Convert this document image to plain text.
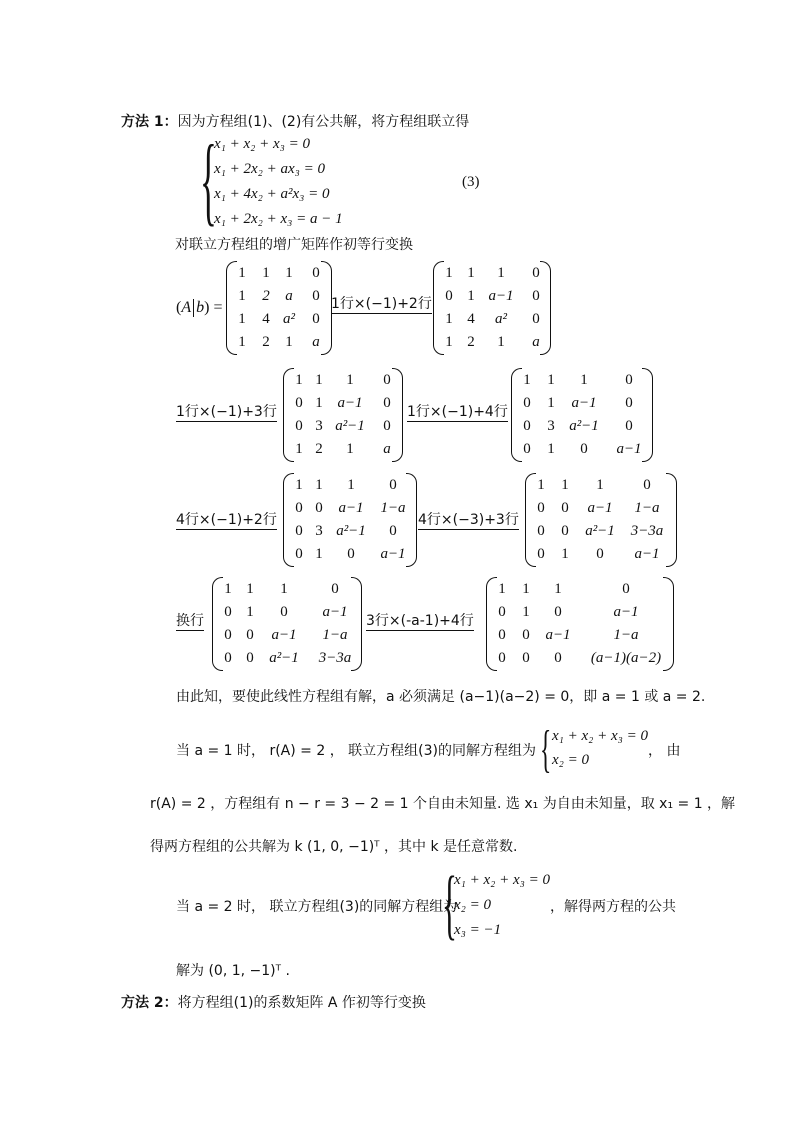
方法 1：因为方程组(1)、(2)有公共解，将方程组联立得
{
x₁ + x₂ + x₃ = 0
x₁ + 2x₂ + ax₃ = 0
x₁ + 4x₂ + a²x₃ = 0
x₁ + 2x₂ + x₃ = a − 1
(3)
对联立方程组的增广矩阵作初等行变换
(A b) =
1 1 1 0
1 2 a 0
1 4 a² 0
1 2 1 a
1行×(−1)+2行
1 1 1 0
0 1 a−1 0
1 4 a² 0
1 2 1 a
1行×(−1)+3行
1 1 1 0
0 1 a−1 0
0 3 a²−1 0
1 2 1 a
1行×(−1)+4行
1 1 1	0
0 1 a−1 0
0 3 a²−1 0
0 1 0 a−1
4行×(−1)+2行
1 1 1 0
0 0 a−1 1−a
0 3 a²−1 0
0 1 0 a−1
4行×(−3)+3行
1 1 1	0
0 0 a−1 1−a
0 0 a²−1 3−3a
0 1 0 a−1
换行
1 1 1	0
0 1 0 a−1
0 0 a−1 1−a
0 0 a²−1 3−3a
3行×(-a-1)+4行
1 1 1	0
0 1 0	a−1
0 0 a−1	1−a
0 0 0 (a−1)(a−2)
由此知，要使此线性方程组有解，a 必须满足 (a−1)(a−2) = 0，即 a = 1 或 a = 2.
当 a = 1 时， r(A) = 2 ， 联立方程组(3)的同解方程组为 { x₁ + x₂ + x₃ = 0
x₂ = 0
， 由
r(A) = 2 ，方程组有 n − r = 3 − 2 = 1 个自由未知量. 选 x₁ 为自由未知量，取 x₁ = 1 ，解
得两方程组的公共解为 k (1, 0, −1)ᵀ ，其中 k 是任意常数.
当 a = 2 时， 联立方程组(3)的同解方程组为
{
x₁ + x₂ + x₃ = 0
x₂ = 0
x₃ = −1
，解得两方程的公共
解为 (0, 1, −1)ᵀ .
方法 2：将方程组(1)的系数矩阵 A 作初等行变换
